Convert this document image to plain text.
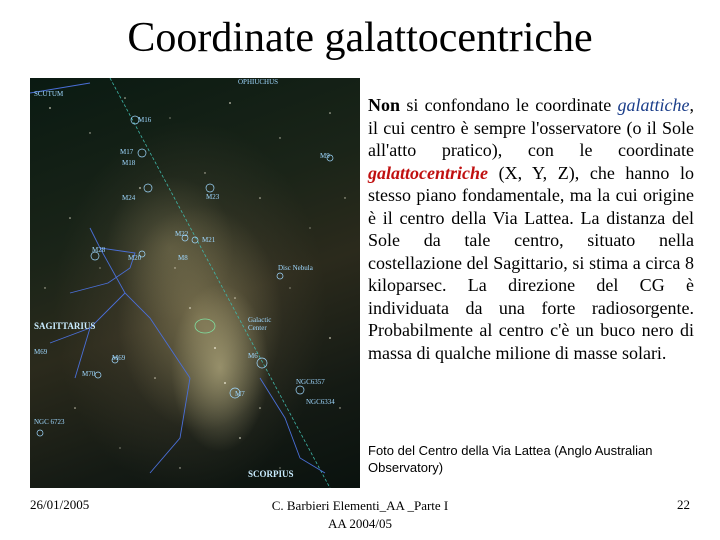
Coordinate galattocentriche
OPHIUCHUS
SCUTUM
M16
M17
M18
M9
M24	M23
M22
M21
M28
M20	M8
Disc Nebula
SAGITTARIUS
Galactic Center
M69
M69
M70
M6
M7
NGC6357
NGC6334
NGC 6723
SCORPIUS
Non si confondano le coordinate galattiche, il cui centro è sempre l'osservatore (o il Sole all'atto pratico), con le coordinate galattocentriche (X, Y, Z), che hanno lo stesso piano fondamentale, ma la cui origine è il centro della Via Lattea. La distanza del Sole da tale centro, situato nella costellazione del Sagittario, si stima a circa 8 kiloparsec. La direzione del CG è individuata da una forte radiosorgente. Probabilmente al centro c'è un buco nero di massa di qualche milione di masse solari.
Foto del Centro della Via Lattea (Anglo Australian Observatory)
26/01/2005	C. Barbieri Elementi_AA _Parte I
AA 2004/05
22
